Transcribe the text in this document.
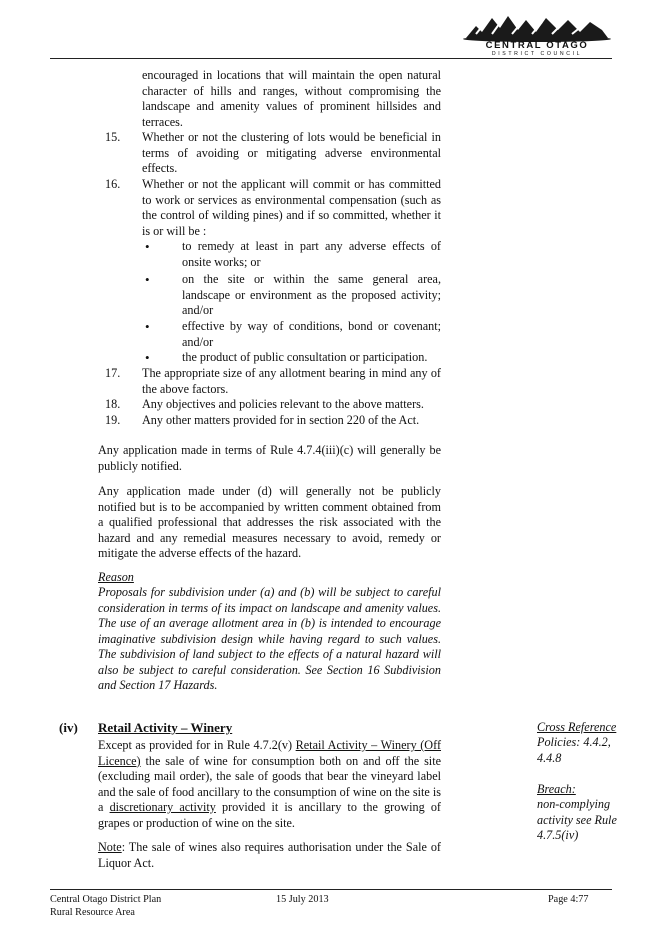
CENTRAL OTAGO
DISTRICT COUNCIL
encouraged in locations that will maintain the open natural character of hills and ranges, without compromising the landscape and amenity values of prominent hillsides and terraces.
15.	Whether or not the clustering of lots would be beneficial in terms of avoiding or mitigating adverse environmental effects.
16.	Whether or not the applicant will commit or has committed to work or services as environmental compensation (such as the control of wilding pines) and if so committed, whether it is or will be :
•	to remedy at least in part any adverse effects of onsite works; or
•	on the site or within the same general area, landscape or environment as the proposed activity; and/or
•	effective by way of conditions, bond or covenant; and/or
•	the product of public consultation or participation.
17.	The appropriate size of any allotment bearing in mind any of the above factors.
18.	Any objectives and policies relevant to the above matters.
19.	Any other matters provided for in section 220 of the Act.
Any application made in terms of Rule 4.7.4(iii)(c) will generally be publicly notified.
Any application made under (d) will generally not be publicly notified but is to be accompanied by written comment obtained from a qualified professional that addresses the risk associated with the hazard and any remedial measures necessary to avoid, remedy or mitigate the adverse effects of the hazard.
Reason
Proposals for subdivision under (a) and (b) will be subject to careful consideration in terms of its impact on landscape and amenity values. The use of an average allotment area in (b) is intended to encourage imaginative subdivision design while having regard to such values. The subdivision of land subject to the effects of a natural hazard will also be subject to careful consideration. See Section 16 Subdivision and Section 17 Hazards.
(iv) Retail Activity – Winery
Except as provided for in Rule 4.7.2(v) Retail Activity – Winery (Off Licence) the sale of wine for consumption both on and off the site (excluding mail order), the sale of goods that bear the vineyard label and the sale of food ancillary to the consumption of wine on the site is a discretionary activity provided it is ancillary to the growing of grapes or production of wine on the site.
Note: The sale of wines also requires authorisation under the Sale of Liquor Act.
Cross Reference
Policies: 4.4.2, 4.4.8
Breach:
non-complying activity see Rule 4.7.5(iv)
Central Otago District Plan
Rural Resource Area
15 July 2013	Page 4:77
